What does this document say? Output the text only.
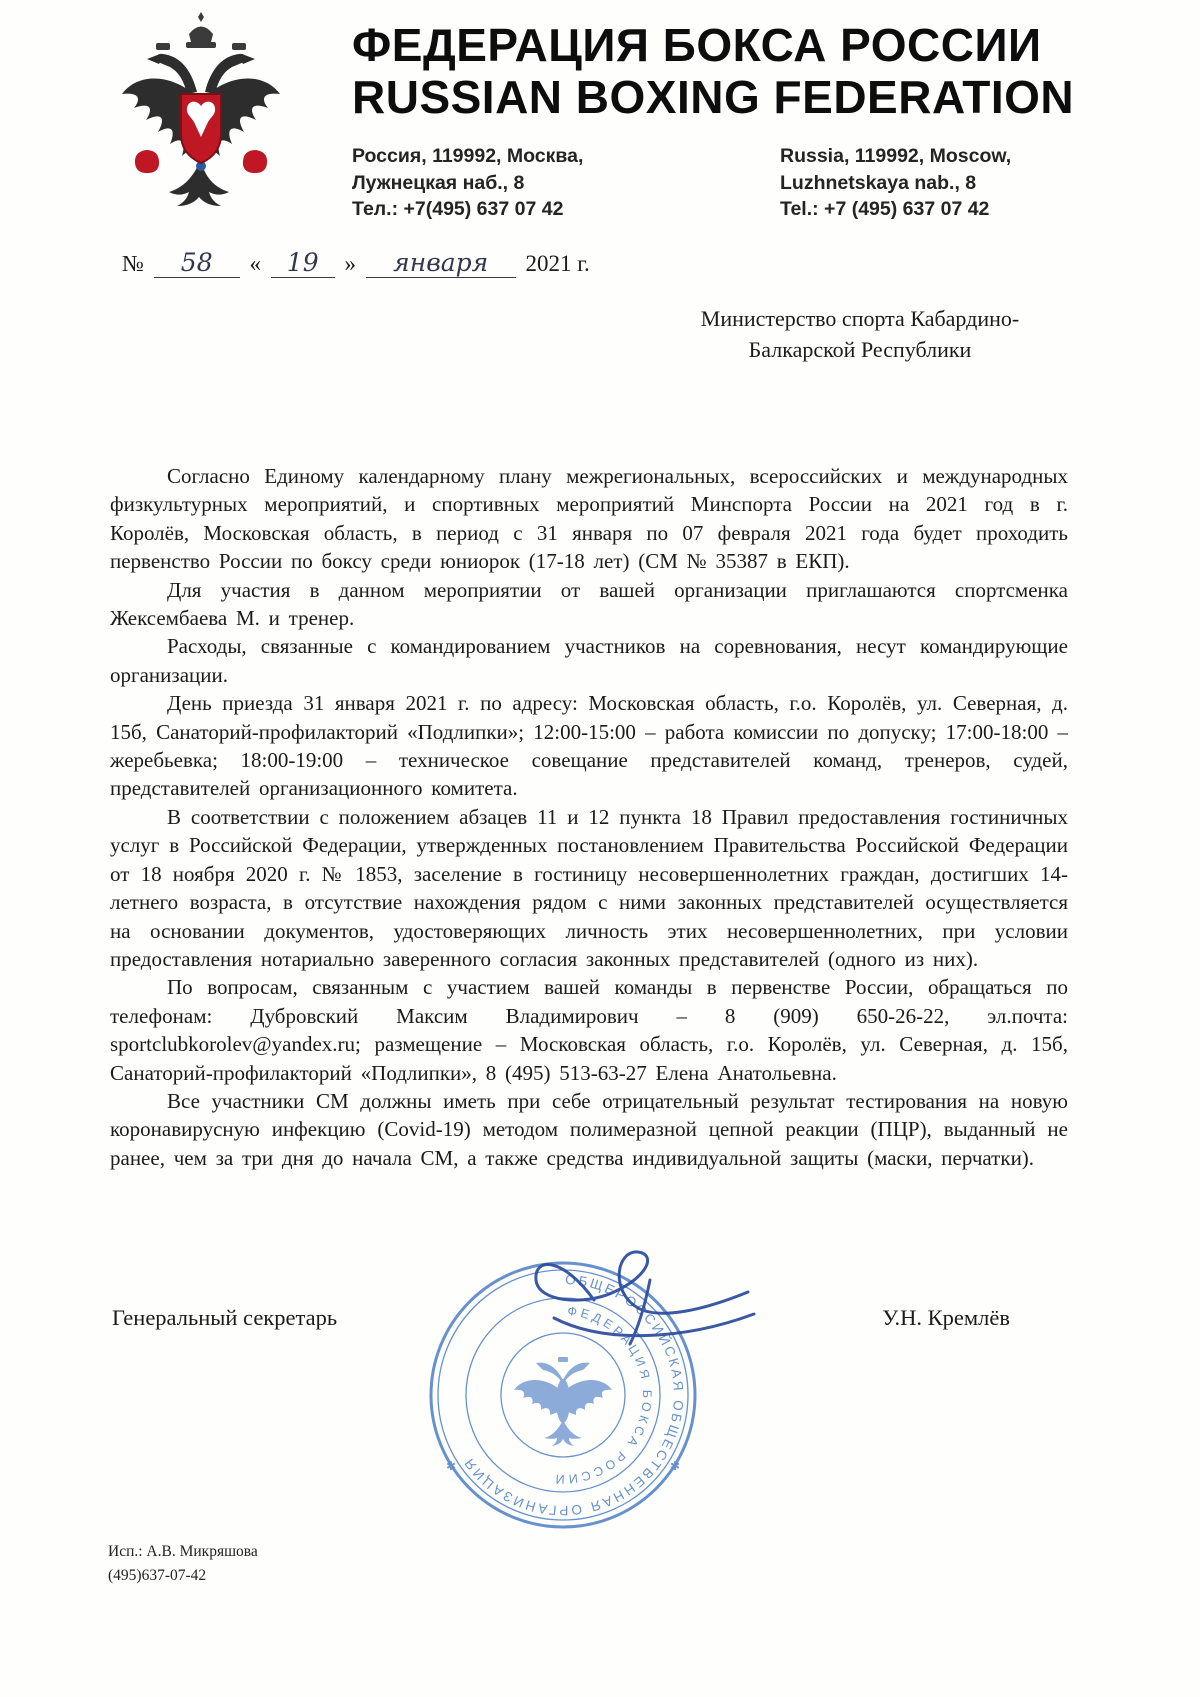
ФЕДЕРАЦИЯ БОКСА РОССИИ
RUSSIAN BOXING FEDERATION
Россия, 119992, Москва,
Лужнецкая наб., 8
Тел.: +7(495) 637 07 42
Russia, 119992, Moscow,
Luzhnetskaya nab., 8
Tel.: +7 (495) 637 07 42
№ 58 « 19 » января 2021 г.
Министерство спорта Кабардино-
Балкарской Республики

Согласно Единому календарному плану межрегиональных, всероссийских и международных физкультурных мероприятий, и спортивных мероприятий Минспорта России на 2021 год в г. Королёв, Московская область, в период с 31 января по 07 февраля 2021 года будет проходить первенство России по боксу среди юниорок (17-18 лет) (СМ № 35387 в ЕКП).

Для участия в данном мероприятии от вашей организации приглашаются спортсменка Жексембаева М. и тренер.

Расходы, связанные с командированием участников на соревнования, несут командирующие организации.

День приезда 31 января 2021 г. по адресу: Московская область, г.о. Королёв, ул. Северная, д. 15б, Санаторий-профилакторий «Подлипки»; 12:00-15:00 – работа комиссии по допуску; 17:00-18:00 – жеребьевка; 18:00-19:00 – техническое совещание представителей команд, тренеров, судей, представителей организационного комитета.

В соответствии с положением абзацев 11 и 12 пункта 18 Правил предоставления гостиничных услуг в Российской Федерации, утвержденных постановлением Правительства Российской Федерации от 18 ноября 2020 г. № 1853, заселение в гостиницу несовершеннолетних граждан, достигших 14-летнего возраста, в отсутствие нахождения рядом с ними законных представителей осуществляется на основании документов, удостоверяющих личность этих несовершеннолетних, при условии предоставления нотариально заверенного согласия законных представителей (одного из них).

По вопросам, связанным с участием вашей команды в первенстве России, обращаться по телефонам: Дубровский Максим Владимирович – 8 (909) 650-26-22, эл.почта: sportclubkorolev@yandex.ru; размещение – Московская область, г.о. Королёв, ул. Северная, д. 15б, Санаторий-профилакторий «Подлипки», 8 (495) 513-63-27 Елена Анатольевна.

Все участники СМ должны иметь при себе отрицательный результат тестирования на новую коронавирусную инфекцию (Covid-19) методом полимеразной цепной реакции (ПЦР), выданный не ранее, чем за три дня до начала СМ, а также средства индивидуальной защиты (маски, перчатки).

Генеральный секретарь	У.Н. Кремлёв
ОБЩЕРОССИЙСКАЯ ОБЩЕСТВЕННАЯ ОРГАНИЗАЦИЯ
ФЕДЕРАЦИЯ БОКСА РОССИИ
✱	✱
Исп.: А.В. Микряшова
(495)637-07-42
